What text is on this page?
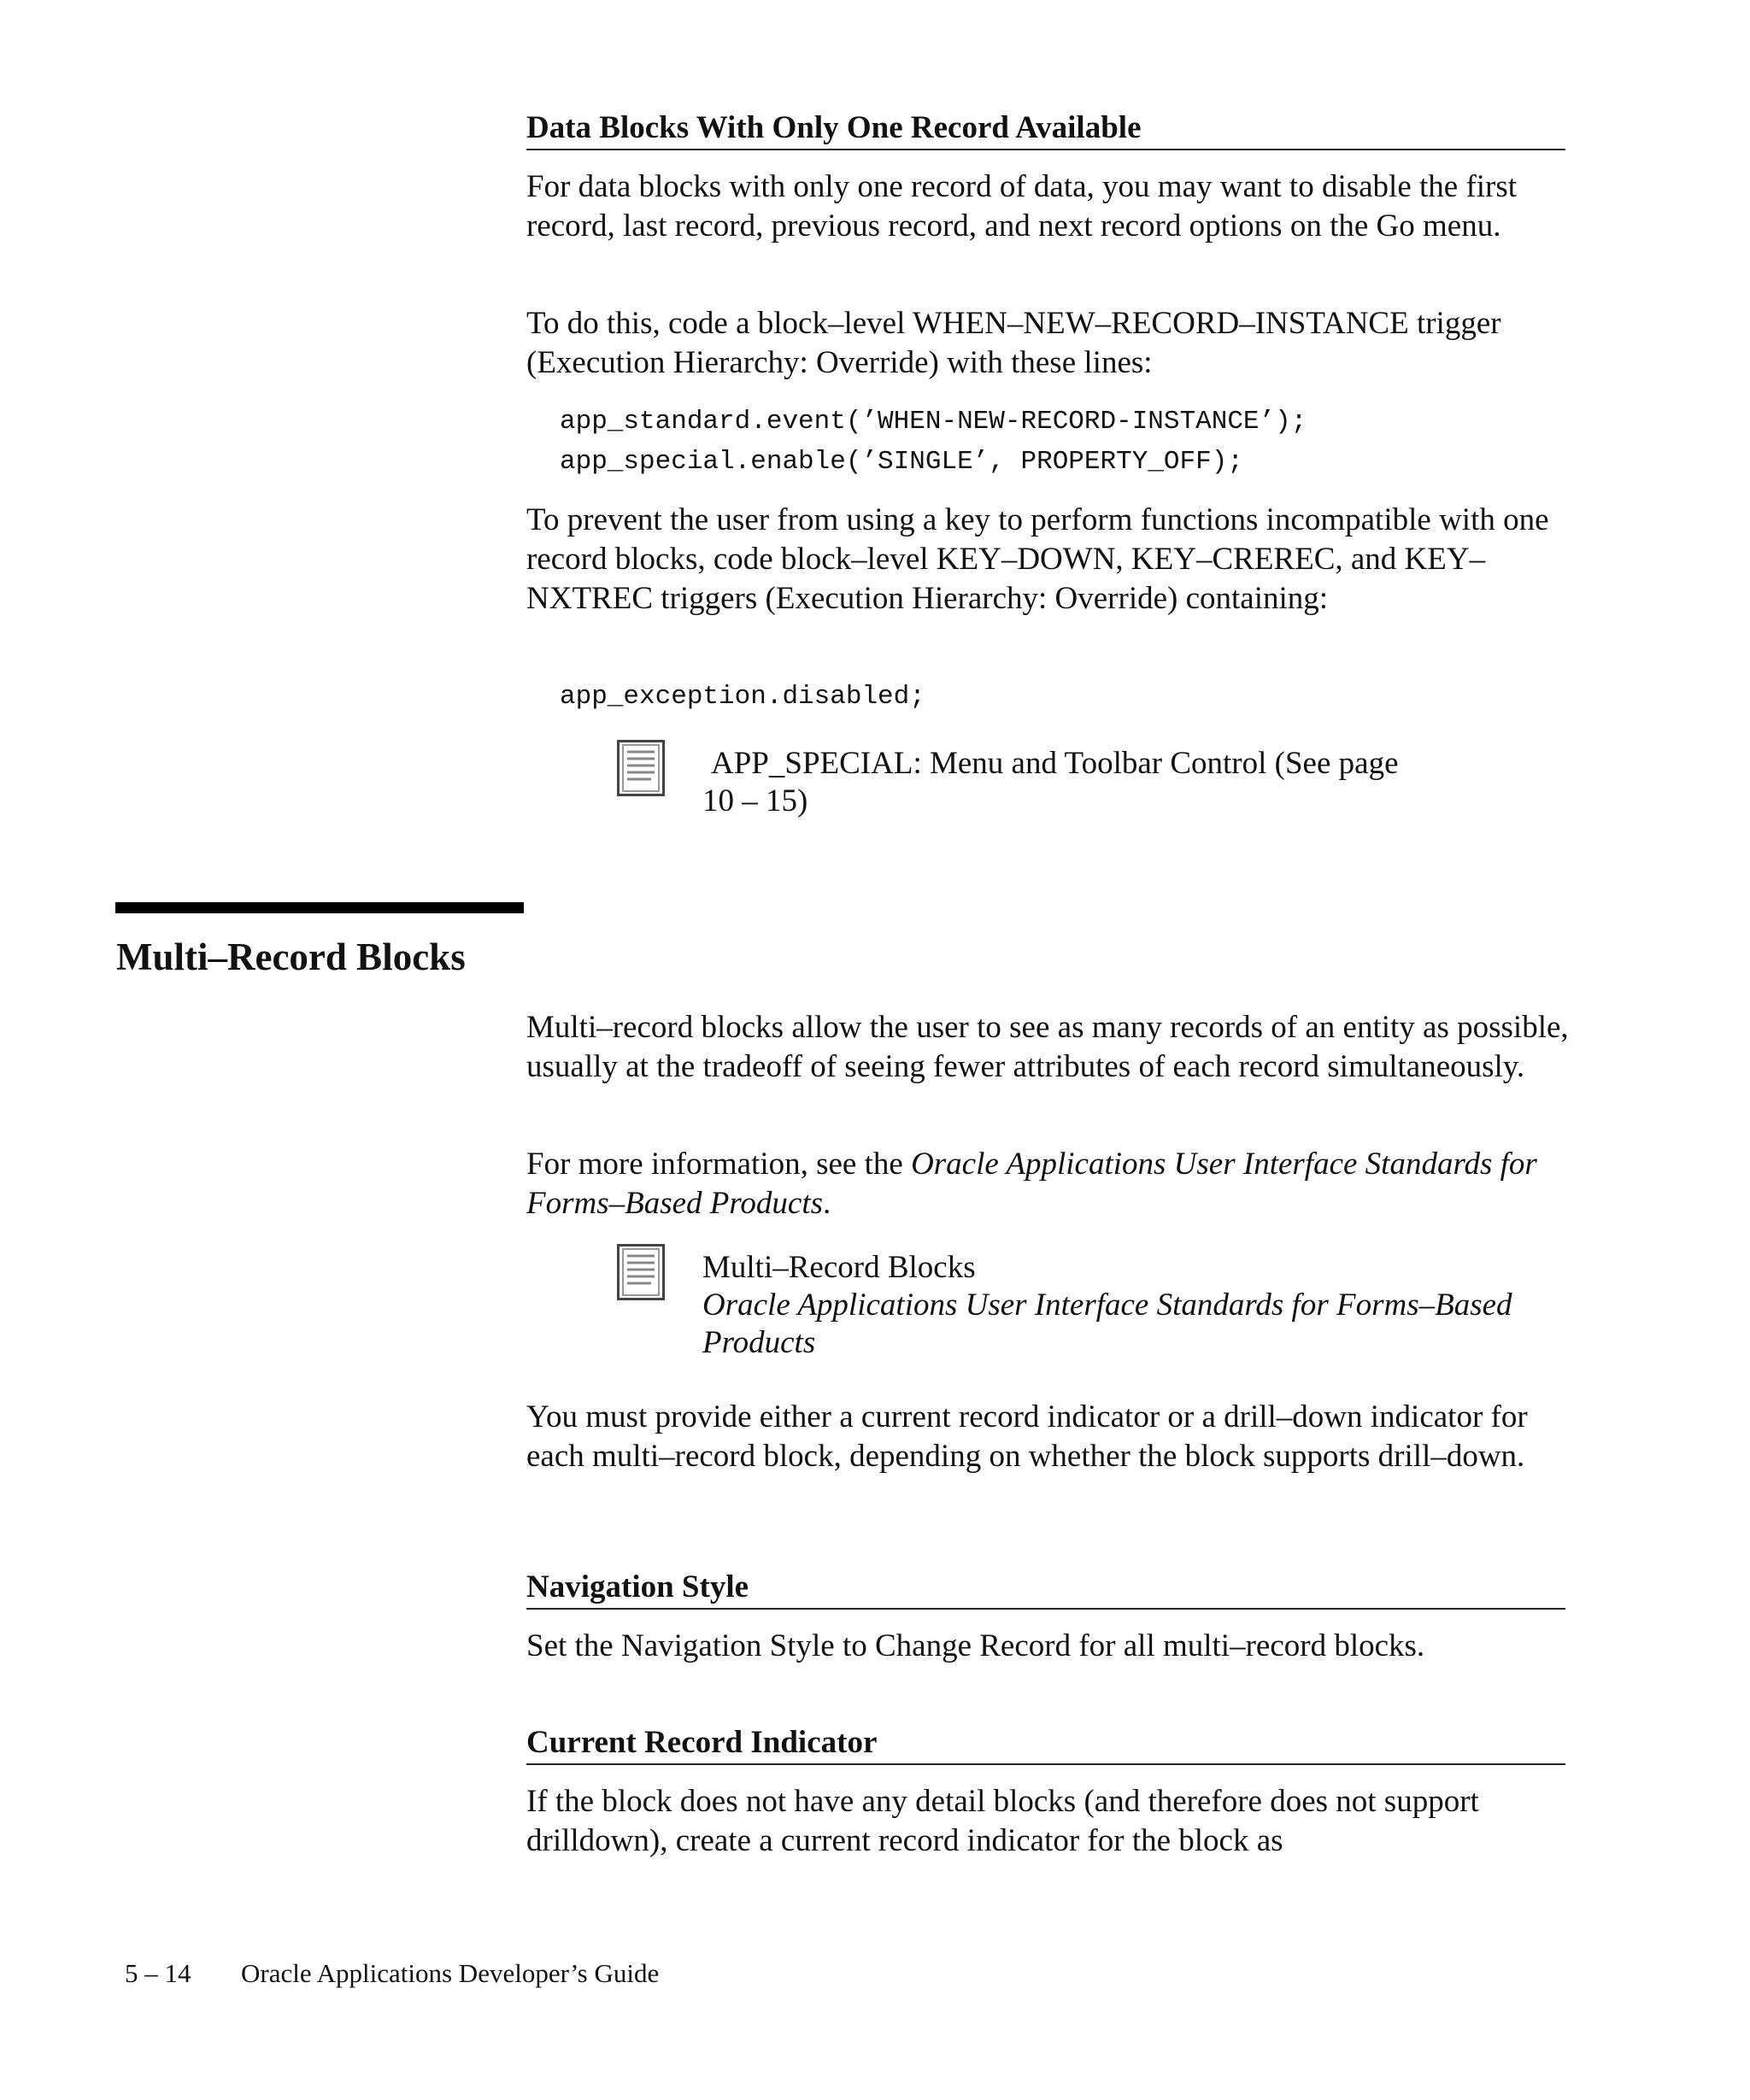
Data Blocks With Only One Record Available
For data blocks with only one record of data, you may want to disable the first record, last record, previous record, and next record options on the Go menu.
To do this, code a block–level WHEN–NEW–RECORD–INSTANCE trigger (Execution Hierarchy: Override) with these lines:
app_standard.event(’WHEN-NEW-RECORD-INSTANCE’);
app_special.enable(’SINGLE’, PROPERTY_OFF);
To prevent the user from using a key to perform functions incompatible with one record blocks, code block–level KEY–DOWN, KEY–CREREC, and KEY–NXTREC triggers (Execution Hierarchy: Override) containing:
app_exception.disabled;
APP_SPECIAL: Menu and Toolbar Control (See page
10 – 15)
Multi–Record Blocks
Multi–record blocks allow the user to see as many records of an entity as possible, usually at the tradeoff of seeing fewer attributes of each record simultaneously.
For more information, see the Oracle Applications User Interface Standards for Forms–Based Products.
Multi–Record Blocks
Oracle Applications User Interface Standards for Forms–Based Products
You must provide either a current record indicator or a drill–down indicator for each multi–record block, depending on whether the block supports drill–down.
Navigation Style
Set the Navigation Style to Change Record for all multi–record blocks.
Current Record Indicator
If the block does not have any detail blocks (and therefore does not support drilldown), create a current record indicator for the block as
5 – 14 Oracle Applications Developer’s Guide
